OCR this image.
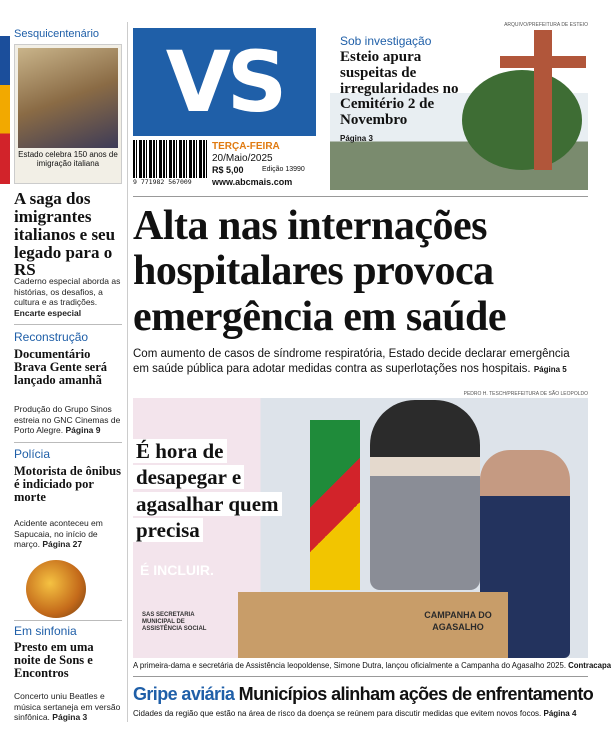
Sesquicentenário
Estado celebra 150 anos de imigração italiana
A saga dos imigrantes italianos e seu legado para o RS
Caderno especial aborda as histórias, os desafios, a cultura e as tradições. Encarte especial
Reconstrução
Documentário Brava Gente será lançado amanhã
Produção do Grupo Sinos estreia no GNC Cinemas de Porto Alegre. Página 9
Polícia
Motorista de ônibus é indiciado por morte
Acidente aconteceu em Sapucaia, no início de março. Página 27
Em sinfonia
Presto em uma noite de Sons e Encontros
Concerto uniu Beatles e música sertaneja em versão sinfônica. Página 3
VS
9 771982 567009
TERÇA-FEIRA
20/Maio/2025
R$ 5,00	Edição 13990
www.abcmais.com
ARQUIVO/PREFEITURA DE ESTEIO
Sob investigação
Esteio apura suspeitas de irregularidades no Cemitério 2 de Novembro
Página 3
Alta nas internações hospitalares provoca emergência em saúde
Com aumento de casos de síndrome respiratória, Estado decide declarar emergência em saúde pública para adotar medidas contra as superlotações nos hospitais. Página 5
PEDRO H. TESCH/PREFEITURA DE SÃO LEOPOLDO
CAMPANHA DO AGASALHO
É INCLUIR.
SAS SECRETARIA MUNICIPAL DE ASSISTÊNCIA SOCIAL
É hora de desapegar e agasalhar quem precisa
A primeira-dama e secretária de Assistência leopoldense, Simone Dutra, lançou oficialmente a Campanha do Agasalho 2025. Contracapa
Gripe aviária Municípios alinham ações de enfrentamento
Cidades da região que estão na área de risco da doença se reúnem para discutir medidas que evitem novos focos. Página 4
